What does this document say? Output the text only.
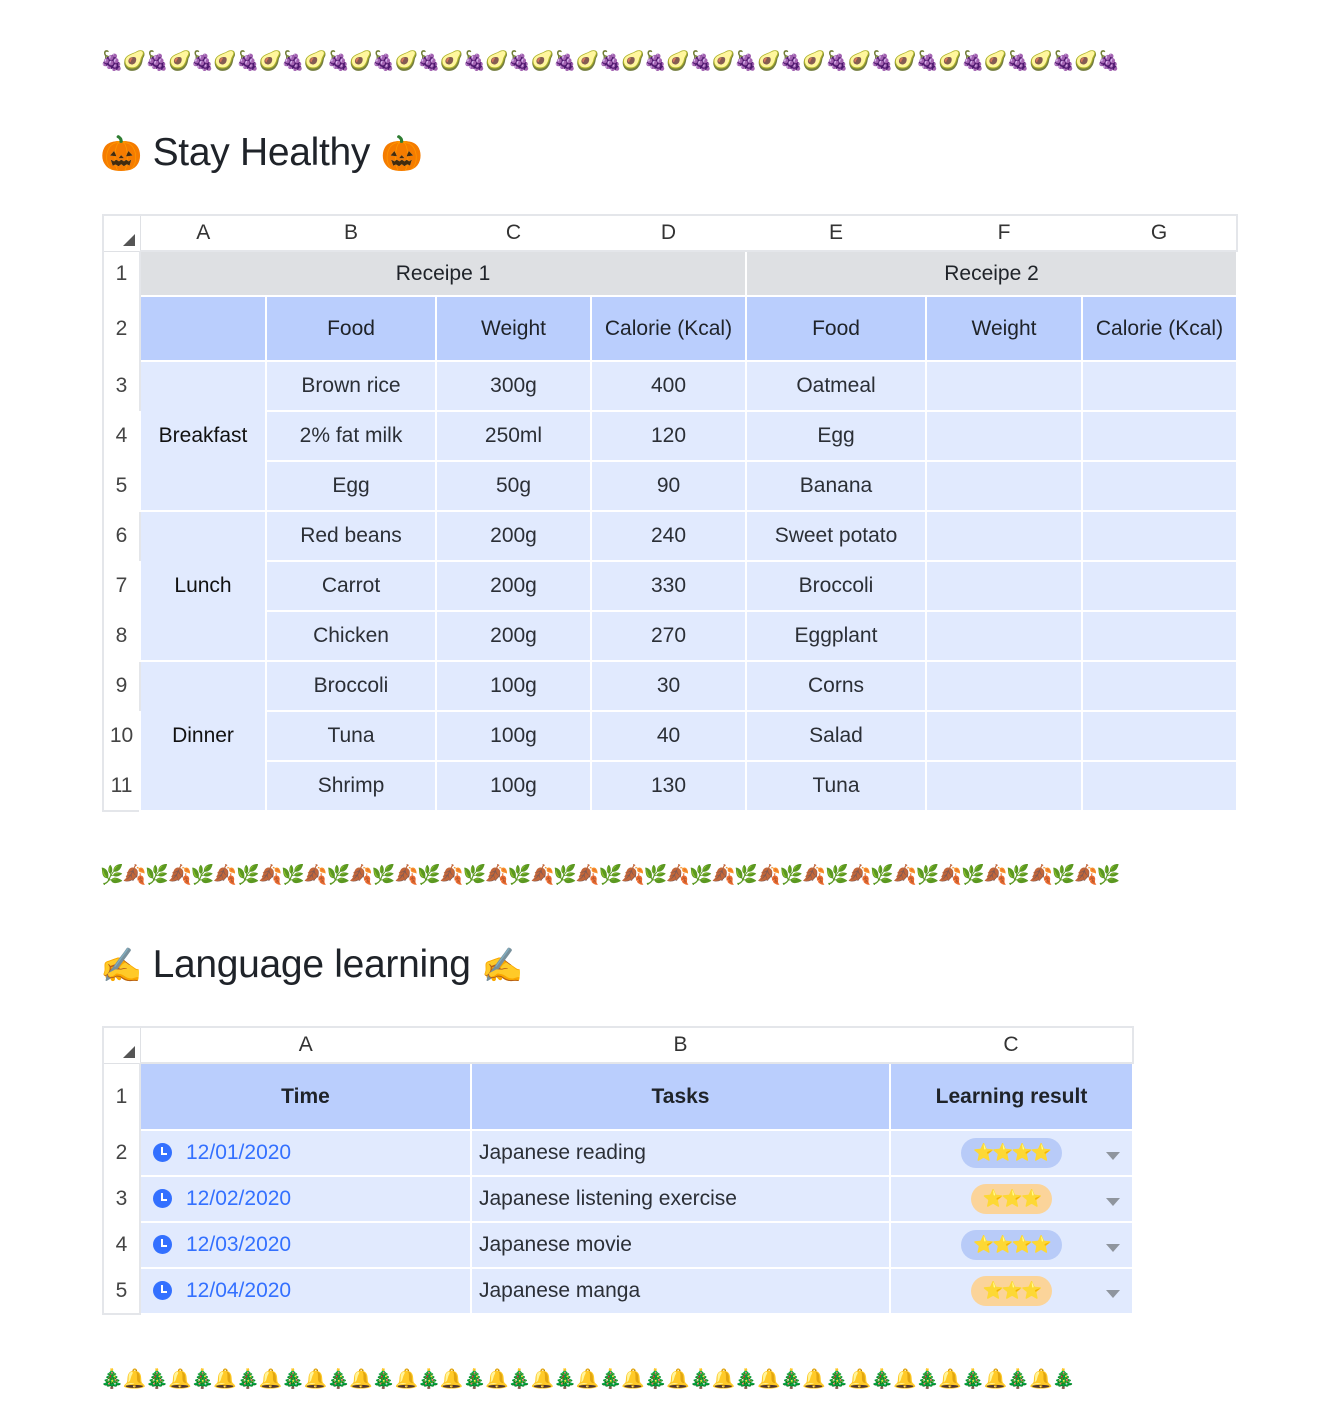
🍇🥑🍇🥑🍇🥑🍇🥑🍇🥑🍇🥑🍇🥑🍇🥑🍇🥑🍇🥑🍇🥑🍇🥑🍇🥑🍇🥑🍇🥑🍇🥑🍇🥑🍇🥑🍇🥑🍇🥑🍇🥑🍇🥑🍇
🎃 Stay Healthy 🎃
	A	B	C	D	E	F	G
1	Receipe 1				Receipe 2		
2		Food	Weight	Calorie (Kcal)	Food	Weight	Calorie (Kcal)
3	Breakfast	Brown rice	300g	400	Oatmeal		
4		2% fat milk	250ml	120	Egg		
5		Egg	50g	90	Banana		
6	Lunch	Red beans	200g	240	Sweet potato		
7		Carrot	200g	330	Broccoli		
8		Chicken	200g	270	Eggplant		
9	Dinner	Broccoli	100g	30	Corns		
10		Tuna	100g	40	Salad		
11		Shrimp	100g	130	Tuna		
🌿🍂🌿🍂🌿🍂🌿🍂🌿🍂🌿🍂🌿🍂🌿🍂🌿🍂🌿🍂🌿🍂🌿🍂🌿🍂🌿🍂🌿🍂🌿🍂🌿🍂🌿🍂🌿🍂🌿🍂🌿🍂🌿🍂🌿
✍️ Language learning ✍️
	A	B	C
1	Time	Tasks	Learning result
2	12/01/2020	Japanese reading	⭐⭐⭐⭐

3	12/02/2020	Japanese listening exercise	⭐⭐⭐

4	12/03/2020	Japanese movie	⭐⭐⭐⭐

5	12/04/2020	Japanese manga	⭐⭐⭐
🎄🔔🎄🔔🎄🔔🎄🔔🎄🔔🎄🔔🎄🔔🎄🔔🎄🔔🎄🔔🎄🔔🎄🔔🎄🔔🎄🔔🎄🔔🎄🔔🎄🔔🎄🔔🎄🔔🎄🔔🎄🔔🎄
